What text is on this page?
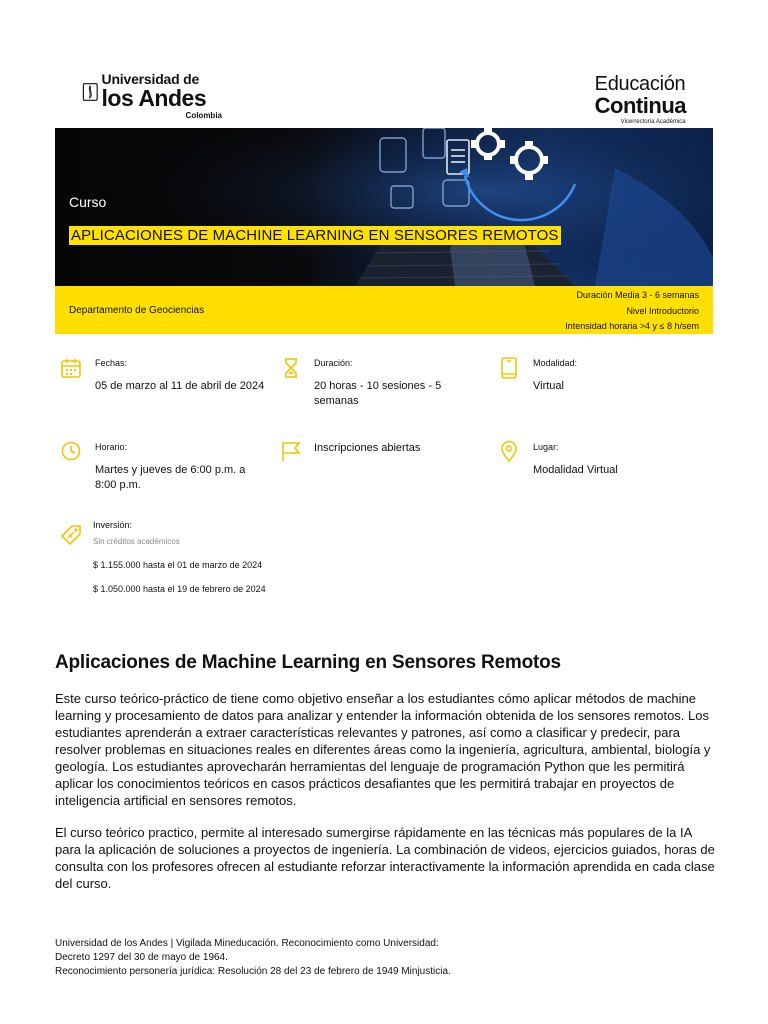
Universidad de
los Andes
Colombia
Educación
Continua
Vicerrectoría Académica
Curso
APLICACIONES DE MACHINE LEARNING EN SENSORES REMOTOS
Departamento de Geociencias
Duración Media 3 - 6 semanas
Nivel Introductorio
Intensidad horaria >4 y ≤ 8 h/sem
Fechas:
05 de marzo al 11 de abril de 2024
Duración:
20 horas - 10 sesiones - 5 semanas
Modalidad:
Virtual
Horario:
Martes y jueves de 6:00 p.m. a 8:00 p.m.
Inscripciones abiertas	Lugar:
Modalidad Virtual
Inversión:
Sin créditos académicos
$ 1.155.000 hasta el 01 de marzo de 2024
$ 1.050.000 hasta el 19 de febrero de 2024
Aplicaciones de Machine Learning en Sensores Remotos

Este curso teórico-práctico de tiene como objetivo enseñar a los estudiantes cómo aplicar métodos de machine learning y procesamiento de datos para analizar y entender la información obtenida de los sensores remotos. Los estudiantes aprenderán a extraer características relevantes y patrones, así como a clasificar y predecir, para resolver problemas en situaciones reales en diferentes áreas como la ingeniería, agricultura, ambiental, biología y geología. Los estudiantes aprovecharán herramientas del lenguaje de programación Python que les permitirá aplicar los conocimientos teóricos en casos prácticos desafiantes que les permitirá trabajar en proyectos de inteligencia artificial en sensores remotos.

El curso teórico practico, permite al interesado sumergirse rápidamente en las técnicas más populares de la IA para la aplicación de soluciones a proyectos de ingeniería. La combinación de videos, ejercicios guiados, horas de consulta con los profesores ofrecen al estudiante reforzar interactivamente la información aprendida en cada clase del curso.

Universidad de los Andes | Vigilada Mineducación. Reconocimiento como Universidad:
Decreto 1297 del 30 de mayo de 1964.
Reconocimiento personería jurídica: Resolución 28 del 23 de febrero de 1949 Minjusticia.
